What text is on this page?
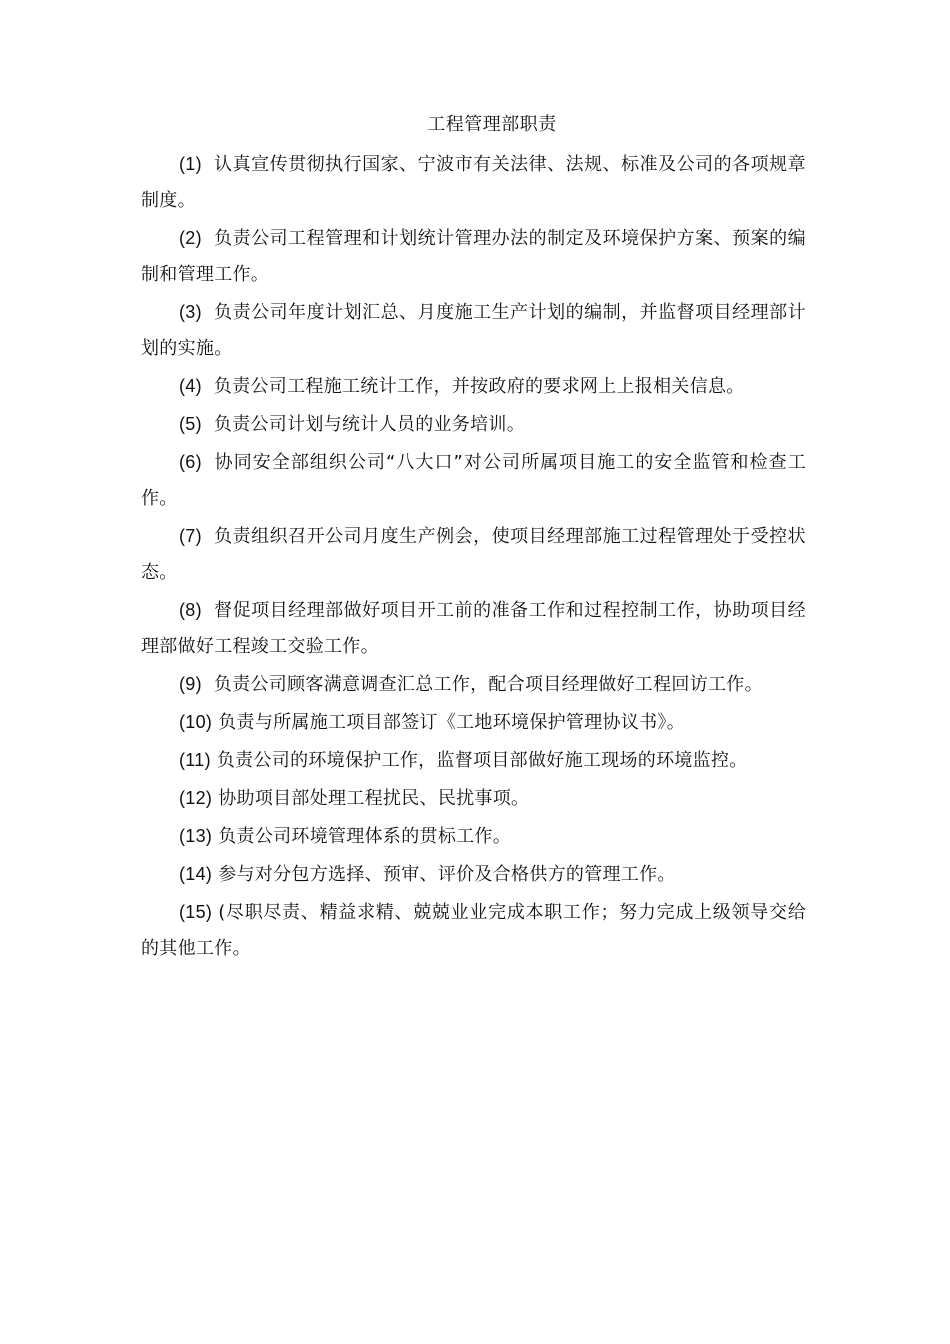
工程管理部职责
(1) 认真宣传贯彻执行国家、宁波市有关法律、法规、标准及公司的各项规章制度。
(2) 负责公司工程管理和计划统计管理办法的制定及环境保护方案、预案的编制和管理工作。
(3) 负责公司年度计划汇总、月度施工生产计划的编制，并监督项目经理部计划的实施。
(4) 负责公司工程施工统计工作，并按政府的要求网上上报相关信息。
(5) 负责公司计划与统计人员的业务培训。
(6) 协同安全部组织公司“八大口”对公司所属项目施工的安全监管和检查工作。
(7) 负责组织召开公司月度生产例会，使项目经理部施工过程管理处于受控状态。
(8) 督促项目经理部做好项目开工前的准备工作和过程控制工作，协助项目经理部做好工程竣工交验工作。
(9) 负责公司顾客满意调查汇总工作，配合项目经理做好工程回访工作。
(10) 负责与所属施工项目部签订《工地环境保护管理协议书》。
(11) 负责公司的环境保护工作，监督项目部做好施工现场的环境监控。
(12) 协助项目部处理工程扰民、民扰事项。
(13) 负责公司环境管理体系的贯标工作。
(14) 参与对分包方选择、预审、评价及合格供方的管理工作。
(15) (尽职尽责、精益求精、兢兢业业完成本职工作；努力完成上级领导交给的其他工作。
